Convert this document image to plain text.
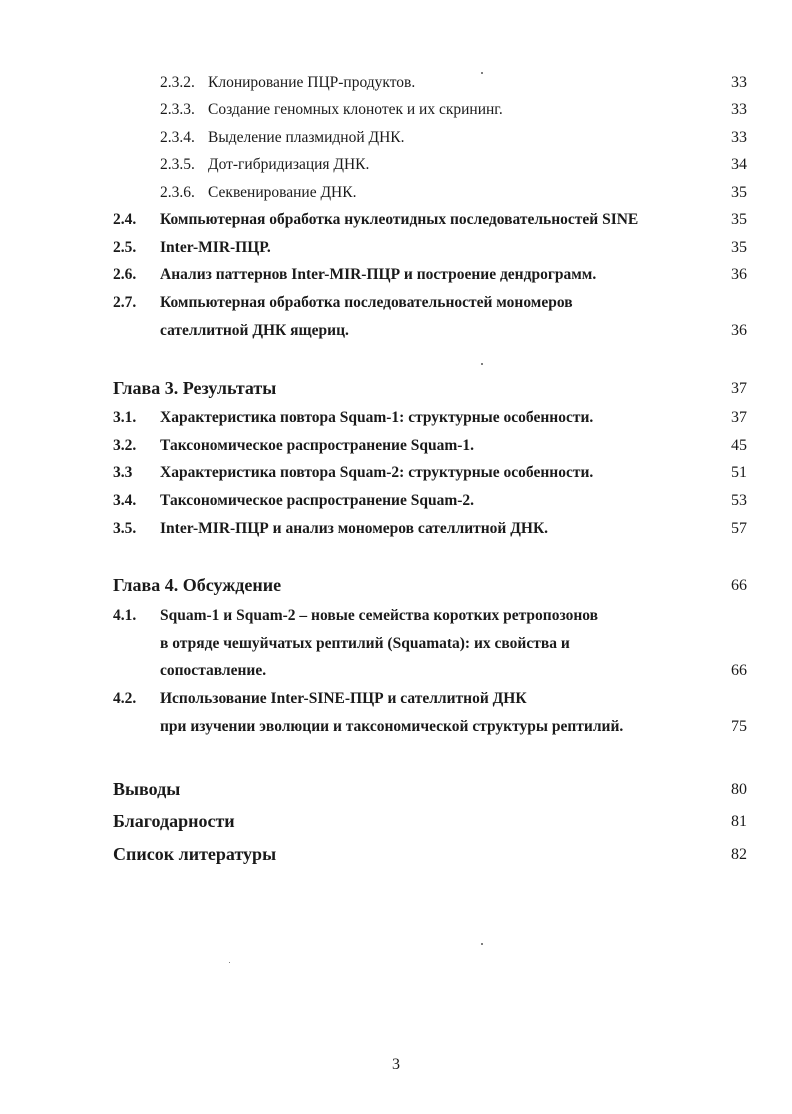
2.3.2. Клонирование ПЦР-продуктов.	33
2.3.3. Создание геномных клонотек и их скрининг.	33
2.3.4. Выделение плазмидной ДНК.	33
2.3.5. Дот-гибридизация ДНК.	34
2.3.6. Секвенирование ДНК.	35
2.4. Компьютерная обработка нуклеотидных последовательностей SINE	35
2.5. Inter-MIR-ПЦР.	35
2.6. Анализ паттернов Inter-MIR-ПЦР и построение дендрограмм.	36
2.7. Компьютерная обработка последовательностей мономеров
сателлитной ДНК ящериц.	36
Глава 3. Результаты	37
3.1. Характеристика повтора Squam-1: структурные особенности.	37
3.2. Таксономическое распространение Squam-1.	45
3.3 Характеристика повтора Squam-2: структурные особенности.	51
3.4. Таксономическое распространение Squam-2.	53
3.5. Inter-MIR-ПЦР и анализ мономеров сателлитной ДНК.	57
Глава 4. Обсуждение	66
4.1. Squam-1 и Squam-2 – новые семейства коротких ретропозонов
в отряде чешуйчатых рептилий (Squamata): их свойства и
сопоставление.	66
4.2. Использование Inter-SINE-ПЦР и сателлитной ДНК
при изучении эволюции и таксономической структуры рептилий.	75
Выводы	80
Благодарности	81
Список литературы	82
3
